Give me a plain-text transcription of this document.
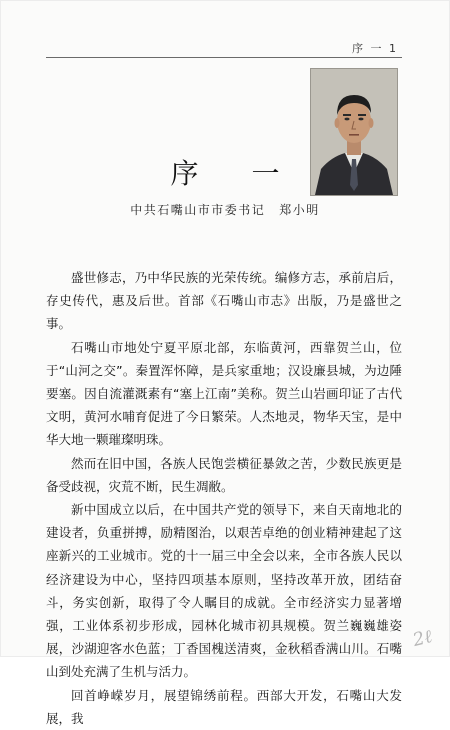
序 一 1
序 一
中共石嘴山市市委书记 郑小明

盛世修志，乃中华民族的光荣传统。编修方志，承前启后，存史传代，惠及后世。首部《石嘴山市志》出版，乃是盛世之事。

石嘴山市地处宁夏平原北部，东临黄河，西靠贺兰山，位于“山河之交”。秦置浑怀障，是兵家重地；汉设廉县城，为边陲要塞。因自流灌溉素有“塞上江南”美称。贺兰山岩画印证了古代文明，黄河水哺育促进了今日繁荣。人杰地灵，物华天宝，是中华大地一颗璀璨明珠。

然而在旧中国，各族人民饱尝横征暴敛之苦，少数民族更是备受歧视，灾荒不断，民生凋敝。

新中国成立以后，在中国共产党的领导下，来自天南地北的建设者，负重拼搏，励精图治，以艰苦卓绝的创业精神建起了这座新兴的工业城市。党的十一届三中全会以来，全市各族人民以经济建设为中心，坚持四项基本原则，坚持改革开放，团结奋斗，务实创新，取得了令人瞩目的成就。全市经济实力显著增强，工业体系初步形成，园林化城市初具规模。贺兰巍巍雄姿展，沙湖迎客水色蓝；丁香国槐送清爽，金秋稻香满山川。石嘴山到处充满了生机与活力。

回首峥嵘岁月，展望锦绣前程。西部大开发，石嘴山大发展，我

2ℓ
